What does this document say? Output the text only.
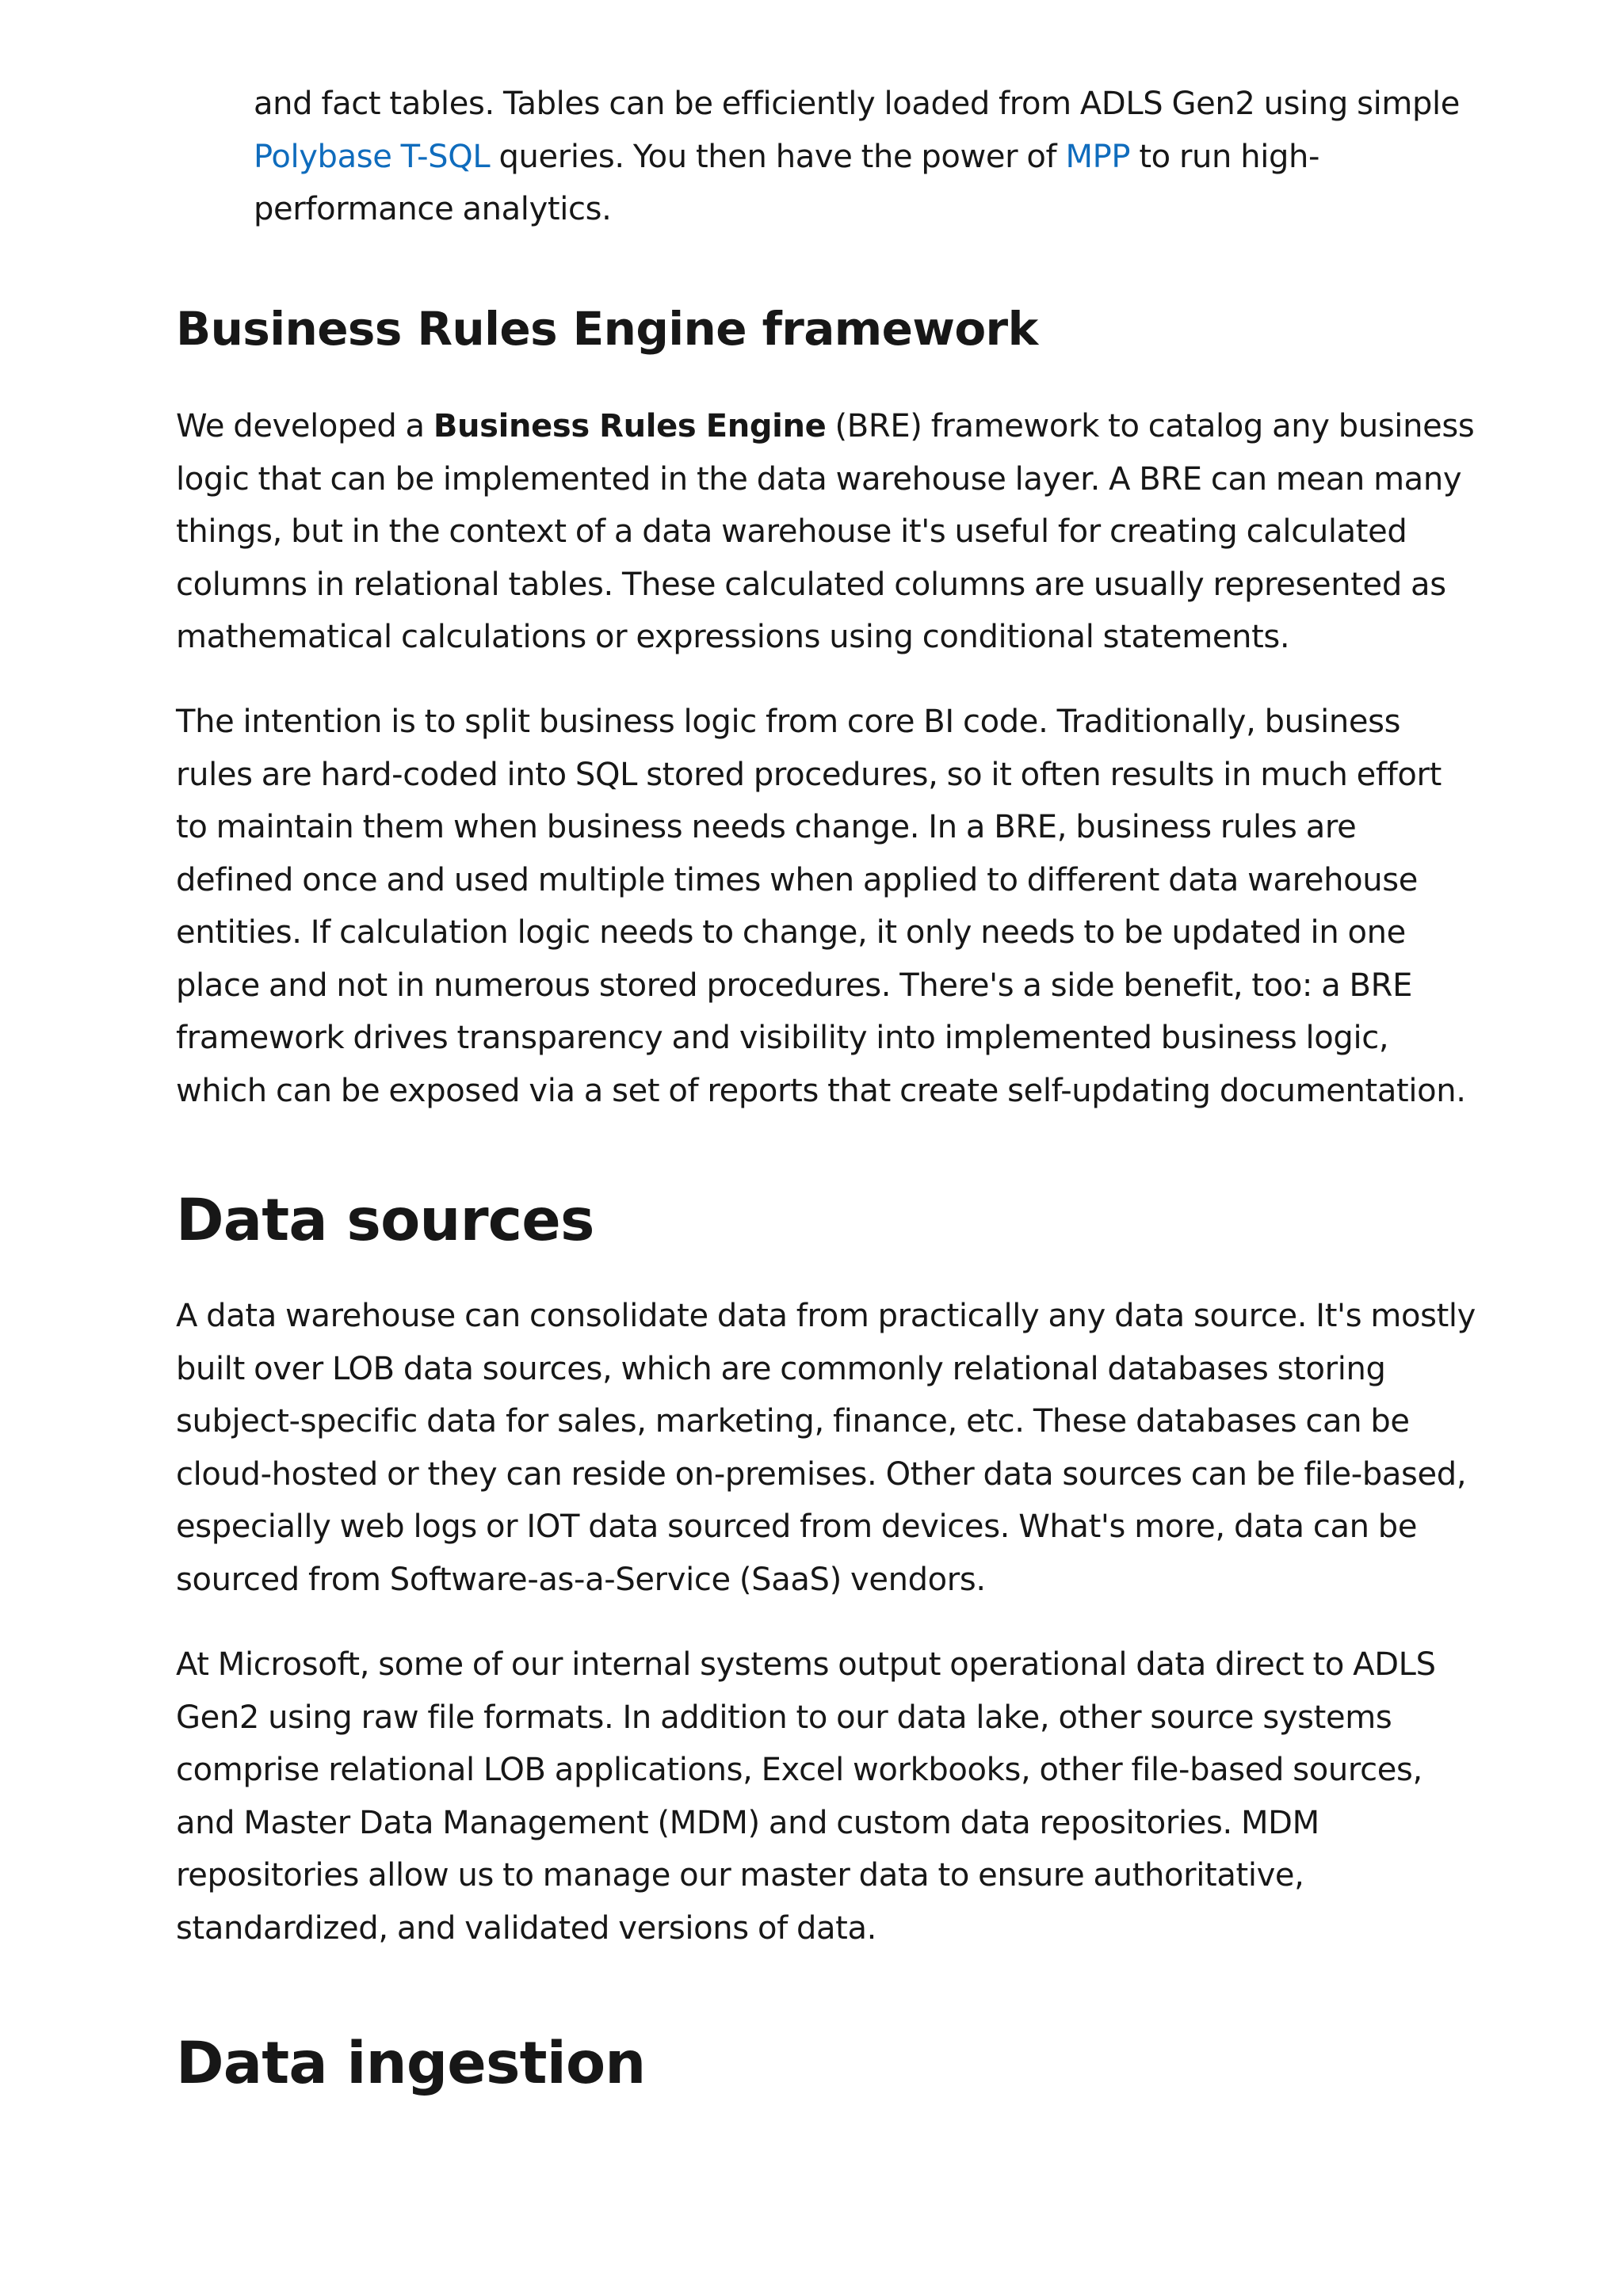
and fact tables. Tables can be efficiently loaded from ADLS Gen2 using simple Polybase T-SQL queries. You then have the power of MPP to run high-performance analytics.

Business Rules Engine framework

We developed a Business Rules Engine (BRE) framework to catalog any business logic that can be implemented in the data warehouse layer. A BRE can mean many things, but in the context of a data warehouse it's useful for creating calculated columns in relational tables. These calculated columns are usually represented as mathematical calculations or expressions using conditional statements.

The intention is to split business logic from core BI code. Traditionally, business rules are hard-coded into SQL stored procedures, so it often results in much effort to maintain them when business needs change. In a BRE, business rules are defined once and used multiple times when applied to different data warehouse entities. If calculation logic needs to change, it only needs to be updated in one place and not in numerous stored procedures. There's a side benefit, too: a BRE framework drives transparency and visibility into implemented business logic, which can be exposed via a set of reports that create self-updating documentation.

Data sources

A data warehouse can consolidate data from practically any data source. It's mostly built over LOB data sources, which are commonly relational databases storing subject-specific data for sales, marketing, finance, etc. These databases can be cloud-hosted or they can reside on-premises. Other data sources can be file-based, especially web logs or IOT data sourced from devices. What's more, data can be sourced from Software-as-a-Service (SaaS) vendors.

At Microsoft, some of our internal systems output operational data direct to ADLS Gen2 using raw file formats. In addition to our data lake, other source systems comprise relational LOB applications, Excel workbooks, other file-based sources, and Master Data Management (MDM) and custom data repositories. MDM repositories allow us to manage our master data to ensure authoritative, standardized, and validated versions of data.

Data ingestion
